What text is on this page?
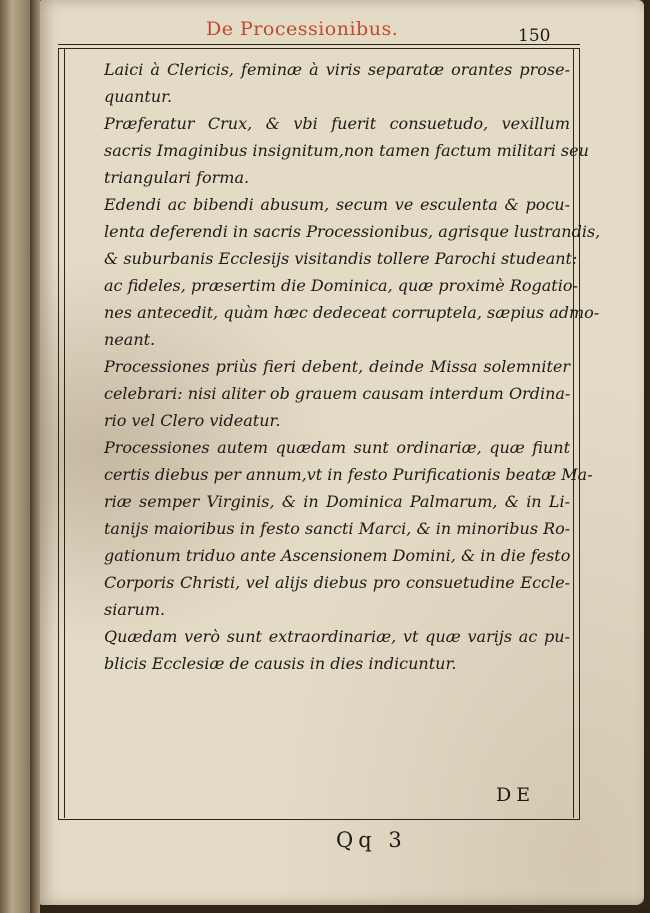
De Processionibus.	150
Laici à Clericis, feminæ à viris separatæ orantes prose-
quantur.
Præferatur Crux, & vbi fuerit consuetudo, vexillum
sacris Imaginibus insignitum,non tamen factum militari seu
triangulari forma.
Edendi ac bibendi abusum, secum ve esculenta & pocu-
lenta deferendi in sacris Processionibus, agrisque lustrandis,
& suburbanis Ecclesijs visitandis tollere Parochi studeant:
ac fideles, præsertim die Dominica, quæ proximè Rogatio-
nes antecedit, quàm hæc dedeceat corruptela, sæpius admo-
neant.
Processiones priùs fieri debent, deinde Missa solemniter
celebrari: nisi aliter ob grauem causam interdum Ordina-
rio vel Clero videatur.
Processiones autem quædam sunt ordinariæ, quæ fiunt
certis diebus per annum,vt in festo Purificationis beatæ Ma-
riæ semper Virginis, & in Dominica Palmarum, & in Li-
tanijs maioribus in festo sancti Marci, & in minoribus Ro-
gationum triduo ante Ascensionem Domini, & in die festo
Corporis Christi, vel alijs diebus pro consuetudine Eccle-
siarum.
Quædam verò sunt extraordinariæ, vt quæ varijs ac pu-
blicis Ecclesiæ de causis in dies indicuntur.
DE
Qq 3
